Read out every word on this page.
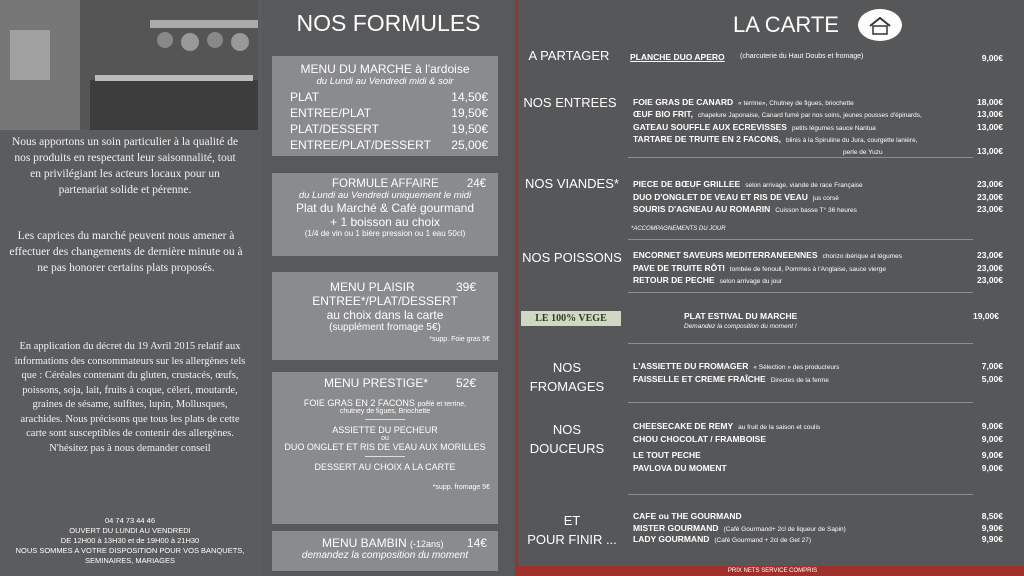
Nous apportons un soin particulier à la qualité de nos produits en respectant leur saisonnalité, tout en privilégiant les acteurs locaux pour un partenariat solide et pérenne.
Les caprices du marché peuvent nous amener à effectuer des changements de dernière minute ou à ne pas honorer certains plats proposés.
En application du décret du 19 Avril 2015 relatif aux informations des consommateurs sur les allergènes tels que : Céréales contenant du gluten, crustacés, œufs, poissons, soja, lait, fruits à coque, céleri, moutarde, graines de sésame, sulfites, lupin, Mollusques, arachides. Nous précisons que tous les plats de cette carte sont susceptibles de contenir des allergènes. N'hésitez pas à nous demander conseil
04 74 73 44 46
OUVERT DU LUNDI AU VENDREDI
DE 12H00 à 13H30 et de 19H00 à 21H30
NOUS SOMMES A VOTRE DISPOSITION POUR VOS BANQUETS, SEMINAIRES, MARIAGES
NOS FORMULES
MENU DU MARCHE à l'ardoise
du Lundi au Vendredi midi & soir
PLAT	14,50€
ENTREE/PLAT	19,50€
PLAT/DESSERT	19,50€
ENTREE/PLAT/DESSERT 25,00€
FORMULE AFFAIRE 24€
du Lundi au Vendredi uniquement le midi
Plat du Marché & Café gourmand
+ 1 boisson au choix
(1/4 de vin ou 1 bière pression ou 1 eau 50cl)
MENU PLAISIR	39€
ENTREE*/PLAT/DESSERT
au choix dans la carte
(supplément fromage 5€)
*supp. Foie gras 5€
MENU PRESTIGE* 52€
FOIE GRAS EN 2 FACONS poêlé et terrine,
chutney de figues, Briochette
ASSIETTE DU PECHEUR
ou
DUO ONGLET ET RIS DE VEAU AUX MORILLES
DESSERT AU CHOIX A LA CARTE
*supp. fromage 5€
MENU BAMBIN (-12ans) 14€
demandez la composition du moment
LA CARTE
A PARTAGER	PLANCHE DUO APERO (charcuterie du Haut Doubs et fromage)	9,00€
NOS ENTREES FOIE GRAS DE CANARD « terrine», Chutney de figues, briochette	18,00€
ŒUF BIO FRIT, chapelure Japonaise, Canard fumé par nos soins, jeunes pousses d'épinards,	13,00€
GATEAU SOUFFLE AUX ECREVISSES petits légumes sauce Nantua	13,00€
TARTARE DE TRUITE EN 2 FACONS, blinis à la Spiruline du Jura, courgette lanière,
perle de Yuzu	13,00€
NOS VIANDES*	PIECE DE BŒUF GRILLEE selon arrivage, viande de race Française	23,00€
DUO D'ONGLET DE VEAU ET RIS DE VEAU jus corsé	23,00€
SOURIS D'AGNEAU AU ROMARIN Cuisson basse T° 36 heures	23,00€
*ACCOMPAGNEMENTS DU JOUR
NOS POISSONS ENCORNET SAVEURS MEDITERRANEENNES chorizo ibérique et légumes	23,00€
PAVE DE TRUITE RÔTI tombée de fenouil, Pommes à l'Anglaise, sauce vierge	23,00€
RETOUR DE PECHE selon arrivage du jour	23,00€
LE 100% VEGE	PLAT ESTIVAL DU MARCHE
Demandez la composition du moment !
19,00€
NOS
FROMAGES
L'ASSIETTE DU FROMAGER « Sélection » des producteurs	7,00€
FAISSELLE ET CREME FRAÎCHE Directes de la ferme	5,00€
NOS
DOUCEURS
CHEESECAKE DE REMY au fruit de la saison et coulis	9,00€
CHOU CHOCOLAT / FRAMBOISE	9,00€
LE TOUT PECHE	9,00€
PAVLOVA DU MOMENT	9,00€
ET
POUR FINIR ...
CAFE ou THE GOURMAND	8,50€
MISTER GOURMAND (Café Gourmand+ 2cl de liqueur de Sapin)	9,90€
LADY GOURMAND (Café Gourmand + 2cl de Get 27)	9,90€
PRIX NETS SERVICE COMPRIS
